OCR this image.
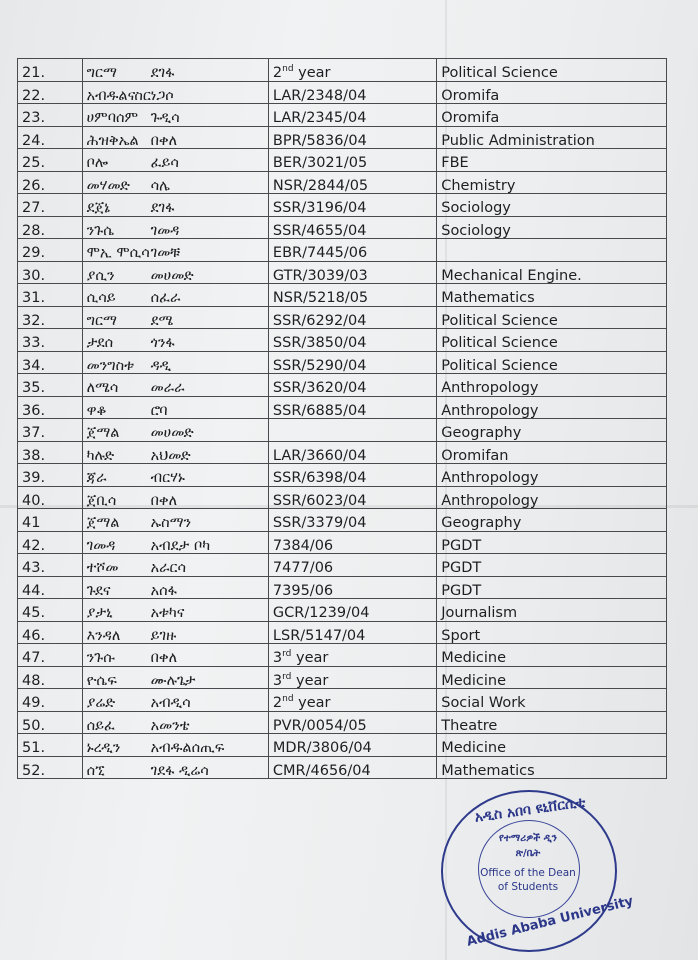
21.	ግርማ ደገፋ	2nd year	Political Science
22.	አብዱልናስርነጋሶ	LAR/2348/04	Oromifa
23.	ሀምባሰም ጉዲሳ	LAR/2345/04	Oromifa
24.	ሕዝቅኤል በቀለ	BPR/5836/04	Public Administration
25.	ቦሎ ፈይሳ	BER/3021/05	FBE
26.	መሃመድ ሳሌ	NSR/2844/05	Chemistry
27.	ደጀኔ ደገፋ	SSR/3196/04	Sociology
28.	ንጉሴ ገመዳ	SSR/4655/04	Sociology
29.	ሞኢ ሞሲሳገመቹ	EBR/7445/06	
30.	ያሲን መሀመድ	GTR/3039/03	Mechanical Engine.
31.	ሲሳይ ሰፈራ	NSR/5218/05	Mathematics
32.	ግርማ ደሜ	SSR/6292/04	Political Science
33.	ታደሰ ጎንፋ	SSR/3850/04	Political Science
34.	መንግስቱ ዳዲ	SSR/5290/04	Political Science
35.	ለሜሳ መራራ	SSR/3620/04	Anthropology
36.	ዋቆ ሮባ	SSR/6885/04	Anthropology
37.	ጀማል መሀመድ		Geography
38.	ካሉድ አህመድ	LAR/3660/04	Oromifan
39.	ጃራ ብርሃኑ	SSR/6398/04	Anthropology
40.	ጀቢሳ በቀለ	SSR/6023/04	Anthropology
41	ጀማል ኡስማን	SSR/3379/04	Geography
42.	ገመዳ አብደታ ቦካ	7384/06	PGDT
43.	ተሾመ አራርሳ	7477/06	PGDT
44.	ጉደና አሰፋ	7395/06	PGDT
45.	ያታኒ አቱካና	GCR/1239/04	Journalism
46.	እንዳለ ይገዙ	LSR/5147/04	Sport
47.	ንጉሱ በቀለ	3rd year	Medicine
48.	ዮሴፍ ሙሉጌታ	3rd year	Medicine
49.	ያሬድ አብዲሳ	2nd year	Social Work
50.	ሰይፈ አመንቴ	PVR/0054/05	Theatre
51.	ኑረዲን አብዱልሰጢፍ	MDR/3806/04	Medicine
52.	ሰኚ ገደፋ ዲሬሳ	CMR/4656/04	Mathematics
አዲስ አበባ ዩኒቨርሲቲ
የተማሪዎች ዲን
ጽ/ቤት
Office of the Dean
of Students
Addis Ababa University
